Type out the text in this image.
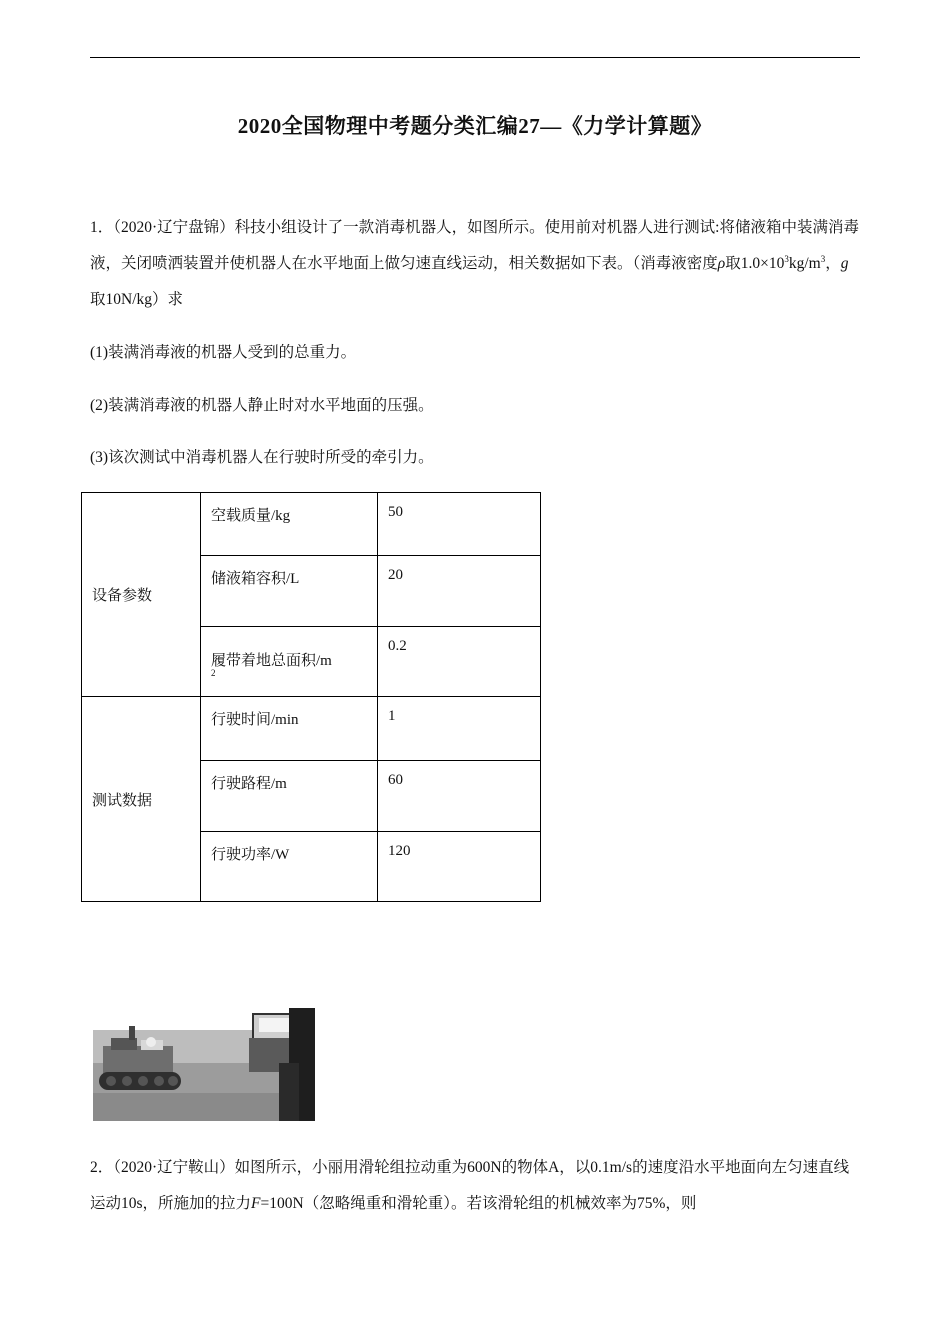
2020全国物理中考题分类汇编27—《力学计算题》
1．（2020·辽宁盘锦）科技小组设计了一款消毒机器人，如图所示。使用前对机器人进行测试:将储液箱中装满消毒液，关闭喷洒装置并使机器人在水平地面上做匀速直线运动，相关数据如下表。（消毒液密度ρ取$1.0\times 10^3kg/m^3$，g取10N/kg）求
(1)装满消毒液的机器人受到的总重力。
(2)装满消毒液的机器人静止时对水平地面的压强。
(3)该次测试中消毒机器人在行驶时所受的牵引力。
设备参数	空载质量/kg	50

	储液箱容积/L	20

	履带着地总面积/m
$^2$	0.2

测试数据	行驶时间/min	1

	行驶路程/m	60

	行驶功率/W	120
2．（2020·辽宁鞍山）如图所示，小丽用滑轮组拉动重为600N的物体A，以0.1m/s的速度沿水平地面向左匀速直线运动10s，所施加的拉力F=100N（忽略绳重和滑轮重）。若该滑轮组的机械效率为75%，则
